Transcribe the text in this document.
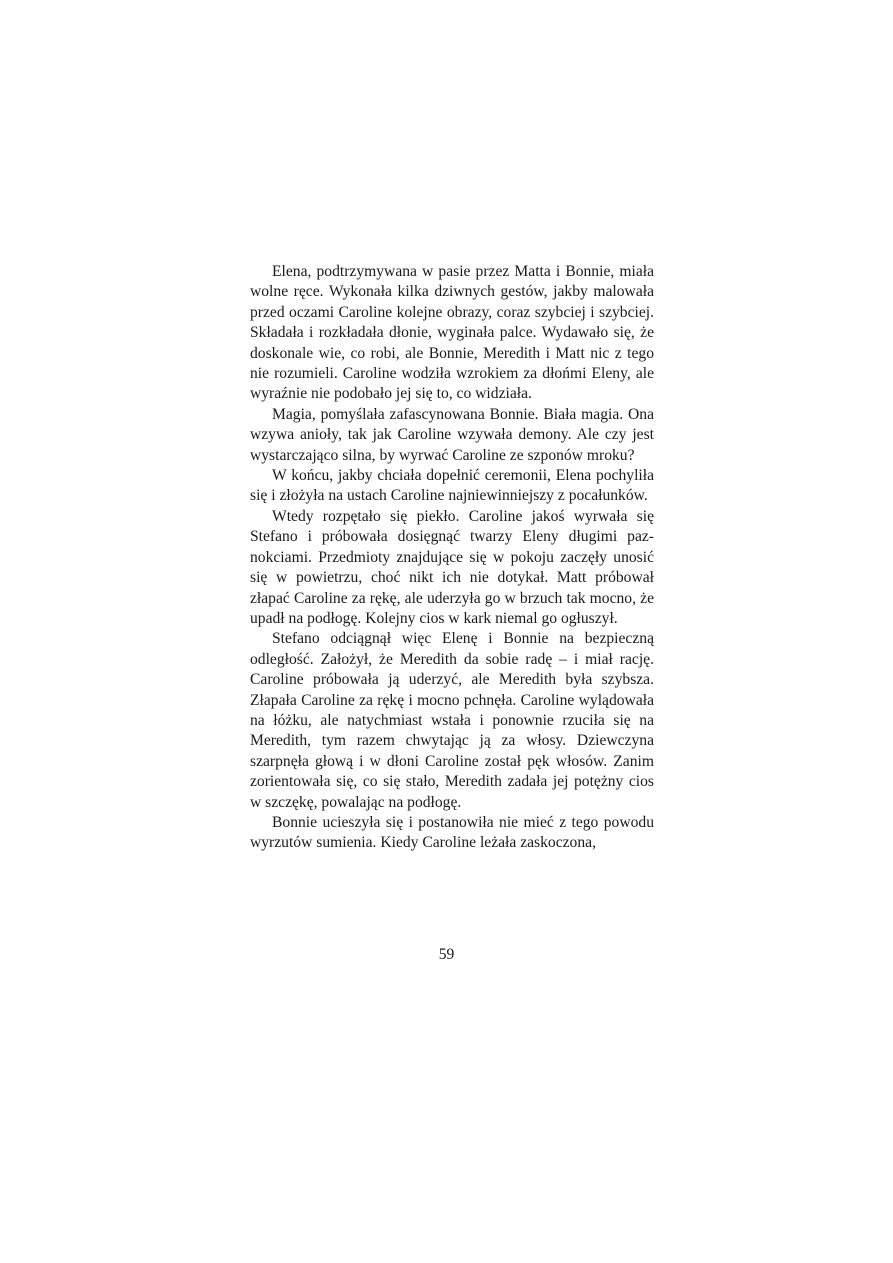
Elena, podtrzymywana w pasie przez Matta i Bonnie, miała wolne ręce. Wykonała kilka dziwnych gestów, jakby malowała przed oczami Caroline kolejne obrazy, coraz szybciej i szybciej. Składała i rozkładała dłonie, wyginała palce. Wydawało się, że doskonale wie, co robi, ale Bonnie, Meredith i Matt nic z tego nie rozumieli. Caroline wodziła wzrokiem za dłońmi Eleny, ale wyraźnie nie podobało jej się to, co widziała.

Magia, pomyślała zafascynowana Bonnie. Biała magia. Ona wzywa anioły, tak jak Caroline wzywała demony. Ale czy jest wystarczająco silna, by wyrwać Caroline ze szponów mroku?

W końcu, jakby chciała dopełnić ceremonii, Elena pochyliła się i złożyła na ustach Caroline najniewinniejszy z pocałunków.

Wtedy rozpętało się piekło. Caroline jakoś wyrwała się Stefano i próbowała dosięgnąć twarzy Eleny długimi paznokciami. Przedmioty znajdujące się w pokoju zaczęły unosić się w powietrzu, choć nikt ich nie dotykał. Matt próbował złapać Caroline za rękę, ale uderzyła go w brzuch tak mocno, że upadł na podłogę. Kolejny cios w kark niemal go ogłuszył.

Stefano odciągnął więc Elenę i Bonnie na bezpieczną odległość. Założył, że Meredith da sobie radę – i miał rację. Caroline próbowała ją uderzyć, ale Meredith była szybsza. Złapała Caroline za rękę i mocno pchnęła. Caroline wylądowała na łóżku, ale natychmiast wstała i ponownie rzuciła się na Meredith, tym razem chwytając ją za włosy. Dziewczyna szarpnęła głową i w dłoni Caroline został pęk włosów. Zanim zorientowała się, co się stało, Meredith zadała jej potężny cios w szczękę, powalając na podłogę.

Bonnie ucieszyła się i postanowiła nie mieć z tego powodu wyrzutów sumienia. Kiedy Caroline leżała zaskoczona,

59
